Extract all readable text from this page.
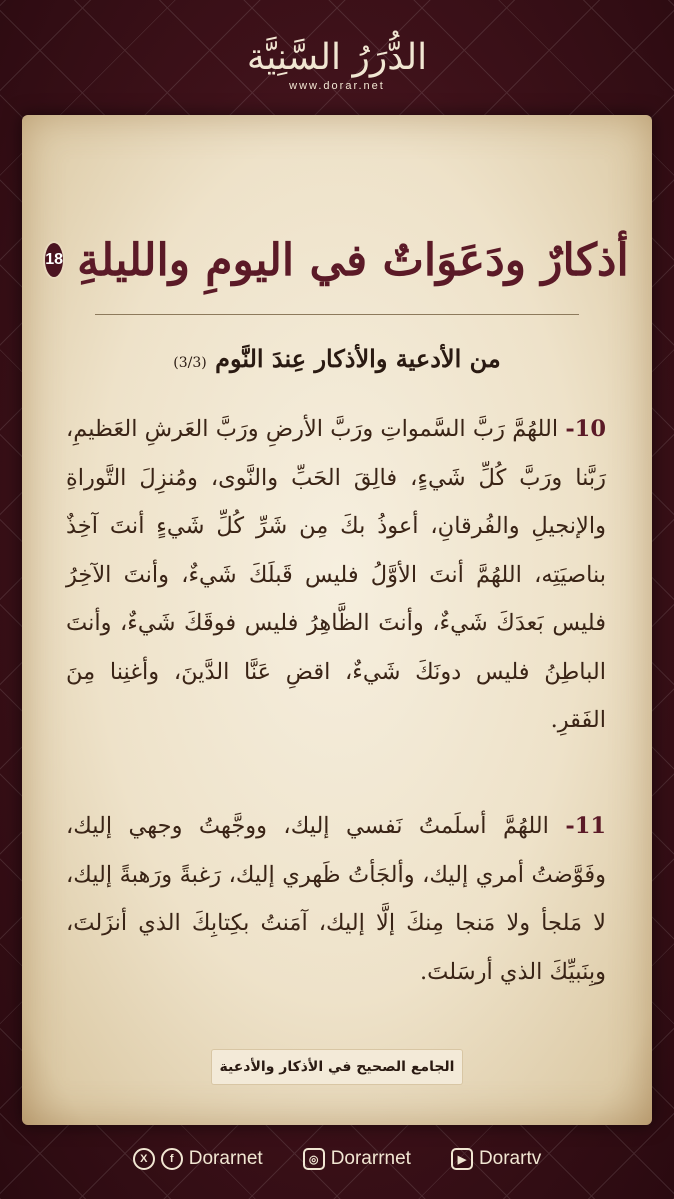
الدُّرَرُ السَّنِيَّة
www.dorar.net
أذكارٌ ودَعَوَاتٌ في اليومِ والليلةِ
18
من الأدعية والأذكار عِندَ النَّوم (3/3)
10- اللهُمَّ رَبَّ السَّمواتِ ورَبَّ الأرضِ ورَبَّ العَرشِ العَظيمِ، رَبَّنا ورَبَّ كُلِّ شَيءٍ، فالِقَ الحَبِّ والنَّوى، ومُنزِلَ التَّوراةِ والإنجيلِ والفُرقانِ، أعوذُ بكَ مِن شَرِّ كُلِّ شَيءٍ أنتَ آخِذٌ بناصيَتِه، اللهُمَّ أنتَ الأوَّلُ فليس قَبلَكَ شَيءٌ، وأنتَ الآخِرُ فليس بَعدَكَ شَيءٌ، وأنتَ الظَّاهِرُ فليس فوقَكَ شَيءٌ، وأنتَ الباطِنُ فليس دونَكَ شَيءٌ، اقضِ عَنَّا الدَّينَ، وأغنِنا مِنَ الفَقرِ.
11- اللهُمَّ أسلَمتُ نَفسي إليك، ووجَّهتُ وجهي إليك، وفَوَّضتُ أمري إليك، وألجَأتُ ظَهري إليك، رَغبةً ورَهبةً إليك، لا مَلجأ ولا مَنجا مِنكَ إلَّا إليك، آمَنتُ بكِتابِكَ الذي أنزَلتَ، وبِنَبيِّكَ الذي أرسَلتَ.
الجامع الصحيح في الأذكار والأدعية
X	f Dorarnet	◎ Dorarrnet	▶ Dorartv
